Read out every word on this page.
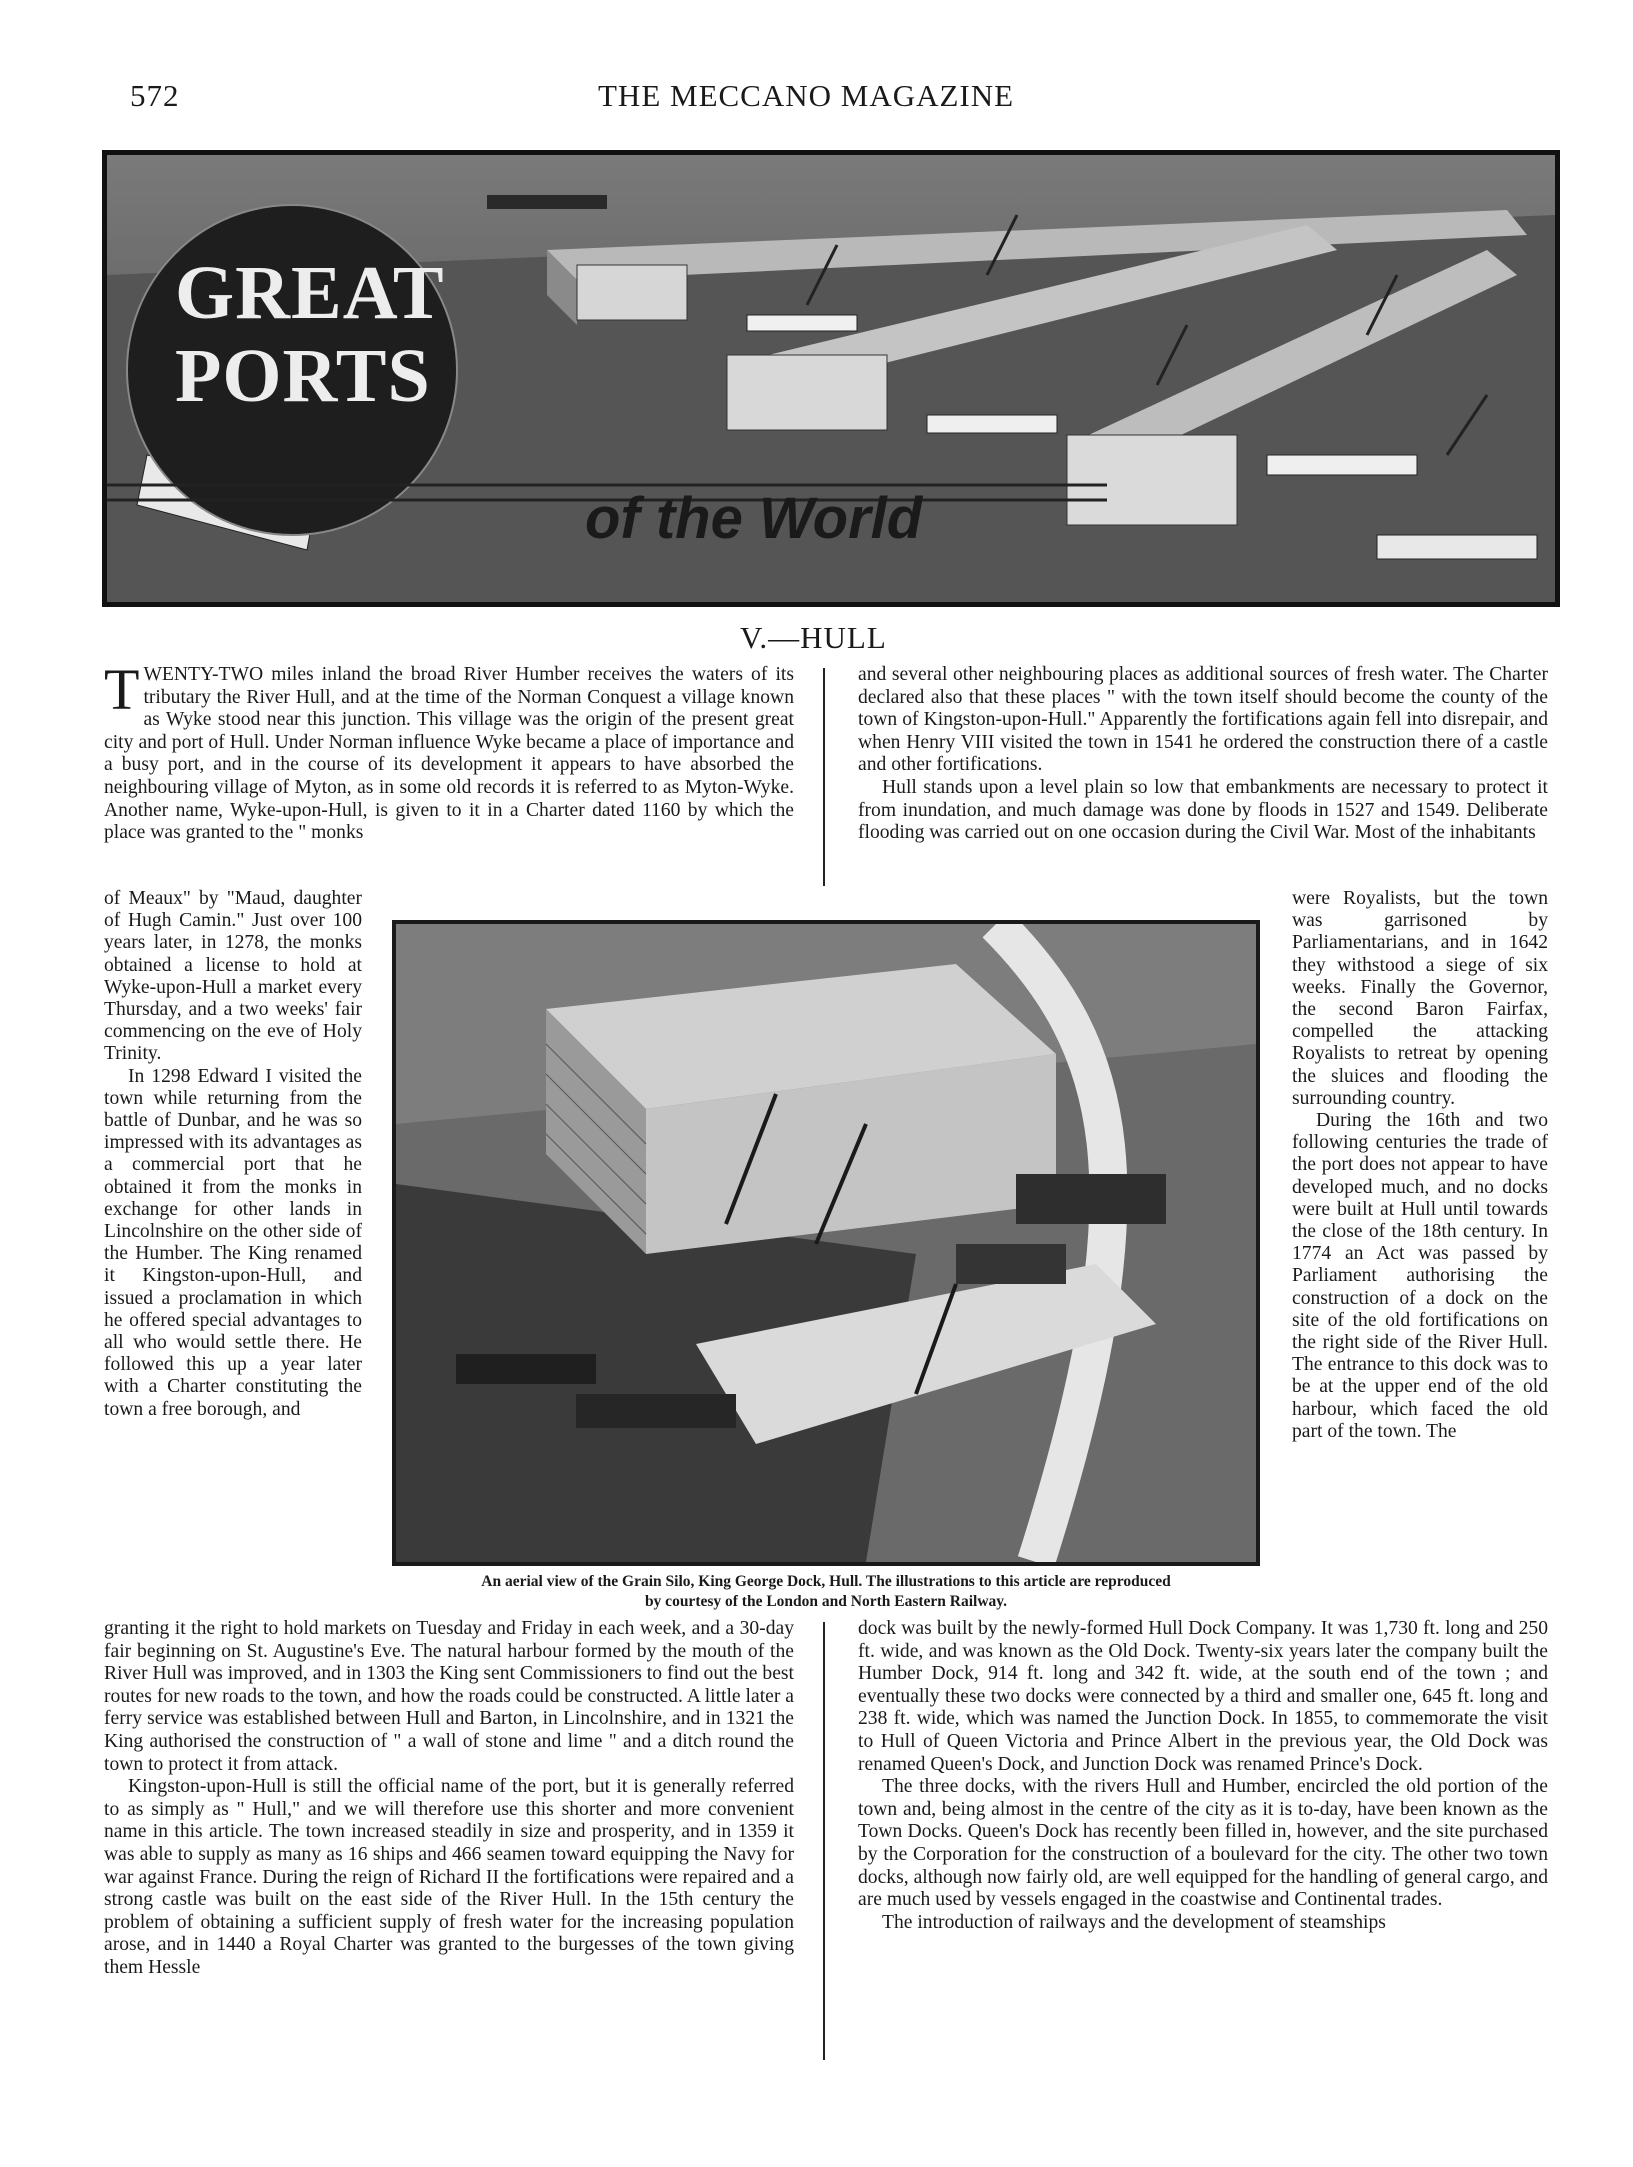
572	THE MECCANO MAGAZINE
GREAT
PORTS
of the World
V.—HULL

TWENTY-TWO miles inland the broad River Humber receives the waters of its tributary the River Hull, and at the time of the Norman Conquest a village known as Wyke stood near this junction. This village was the origin of the present great city and port of Hull. Under Norman influence Wyke became a place of importance and a busy port, and in the course of its development it appears to have absorbed the neighbouring village of Myton, as in some old records it is referred to as Myton-Wyke. Another name, Wyke-upon-Hull, is given to it in a Charter dated 1160 by which the place was granted to the " monks

of Meaux" by "Maud, daughter of Hugh Camin." Just over 100 years later, in 1278, the monks obtained a license to hold at Wyke-upon-Hull a market every Thursday, and a two weeks' fair commencing on the eve of Holy Trinity.

In 1298 Edward I visited the town while returning from the battle of Dunbar, and he was so impressed with its advantages as a commercial port that he obtained it from the monks in exchange for other lands in Lincolnshire on the other side of the Humber. The King renamed it Kingston-upon-Hull, and issued a proclamation in which he offered special advantages to all who would settle there. He followed this up a year later with a Charter constituting the town a free borough, and

granting it the right to hold markets on Tuesday and Friday in each week, and a 30-day fair beginning on St. Augustine's Eve. The natural harbour formed by the mouth of the River Hull was improved, and in 1303 the King sent Commissioners to find out the best routes for new roads to the town, and how the roads could be constructed. A little later a ferry service was established between Hull and Barton, in Lincolnshire, and in 1321 the King authorised the construction of " a wall of stone and lime " and a ditch round the town to protect it from attack.

Kingston-upon-Hull is still the official name of the port, but it is generally referred to as simply as " Hull," and we will therefore use this shorter and more convenient name in this article. The town increased steadily in size and prosperity, and in 1359 it was able to supply as many as 16 ships and 466 seamen toward equipping the Navy for war against France. During the reign of Richard II the fortifications were repaired and a strong castle was built on the east side of the River Hull. In the 15th century the problem of obtaining a sufficient supply of fresh water for the increasing population arose, and in 1440 a Royal Charter was granted to the burgesses of the town giving them Hessle

and several other neighbouring places as additional sources of fresh water. The Charter declared also that these places " with the town itself should become the county of the town of Kingston-upon-Hull." Apparently the fortifications again fell into disrepair, and when Henry VIII visited the town in 1541 he ordered the construction there of a castle and other fortifications.

Hull stands upon a level plain so low that embankments are necessary to protect it from inundation, and much damage was done by floods in 1527 and 1549. Deliberate flooding was carried out on one occasion during the Civil War. Most of the inhabitants

were Royalists, but the town was garrisoned by Parliamentarians, and in 1642 they withstood a siege of six weeks. Finally the Governor, the second Baron Fairfax, compelled the attacking Royalists to retreat by opening the sluices and flooding the surrounding country.

During the 16th and two following centuries the trade of the port does not appear to have developed much, and no docks were built at Hull until towards the close of the 18th century. In 1774 an Act was passed by Parliament authorising the construction of a dock on the site of the old fortifications on the right side of the River Hull. The entrance to this dock was to be at the upper end of the old harbour, which faced the old part of the town. The

dock was built by the newly-formed Hull Dock Company. It was 1,730 ft. long and 250 ft. wide, and was known as the Old Dock. Twenty-six years later the company built the Humber Dock, 914 ft. long and 342 ft. wide, at the south end of the town ; and eventually these two docks were connected by a third and smaller one, 645 ft. long and 238 ft. wide, which was named the Junction Dock. In 1855, to commemorate the visit to Hull of Queen Victoria and Prince Albert in the previous year, the Old Dock was renamed Queen's Dock, and Junction Dock was renamed Prince's Dock.

The three docks, with the rivers Hull and Humber, encircled the old portion of the town and, being almost in the centre of the city as it is to-day, have been known as the Town Docks. Queen's Dock has recently been filled in, however, and the site purchased by the Corporation for the construction of a boulevard for the city. The other two town docks, although now fairly old, are well equipped for the handling of general cargo, and are much used by vessels engaged in the coastwise and Continental trades.

The introduction of railways and the development of steamships

An aerial view of the Grain Silo, King George Dock, Hull. The illustrations to this article are reproduced
by courtesy of the London and North Eastern Railway.
